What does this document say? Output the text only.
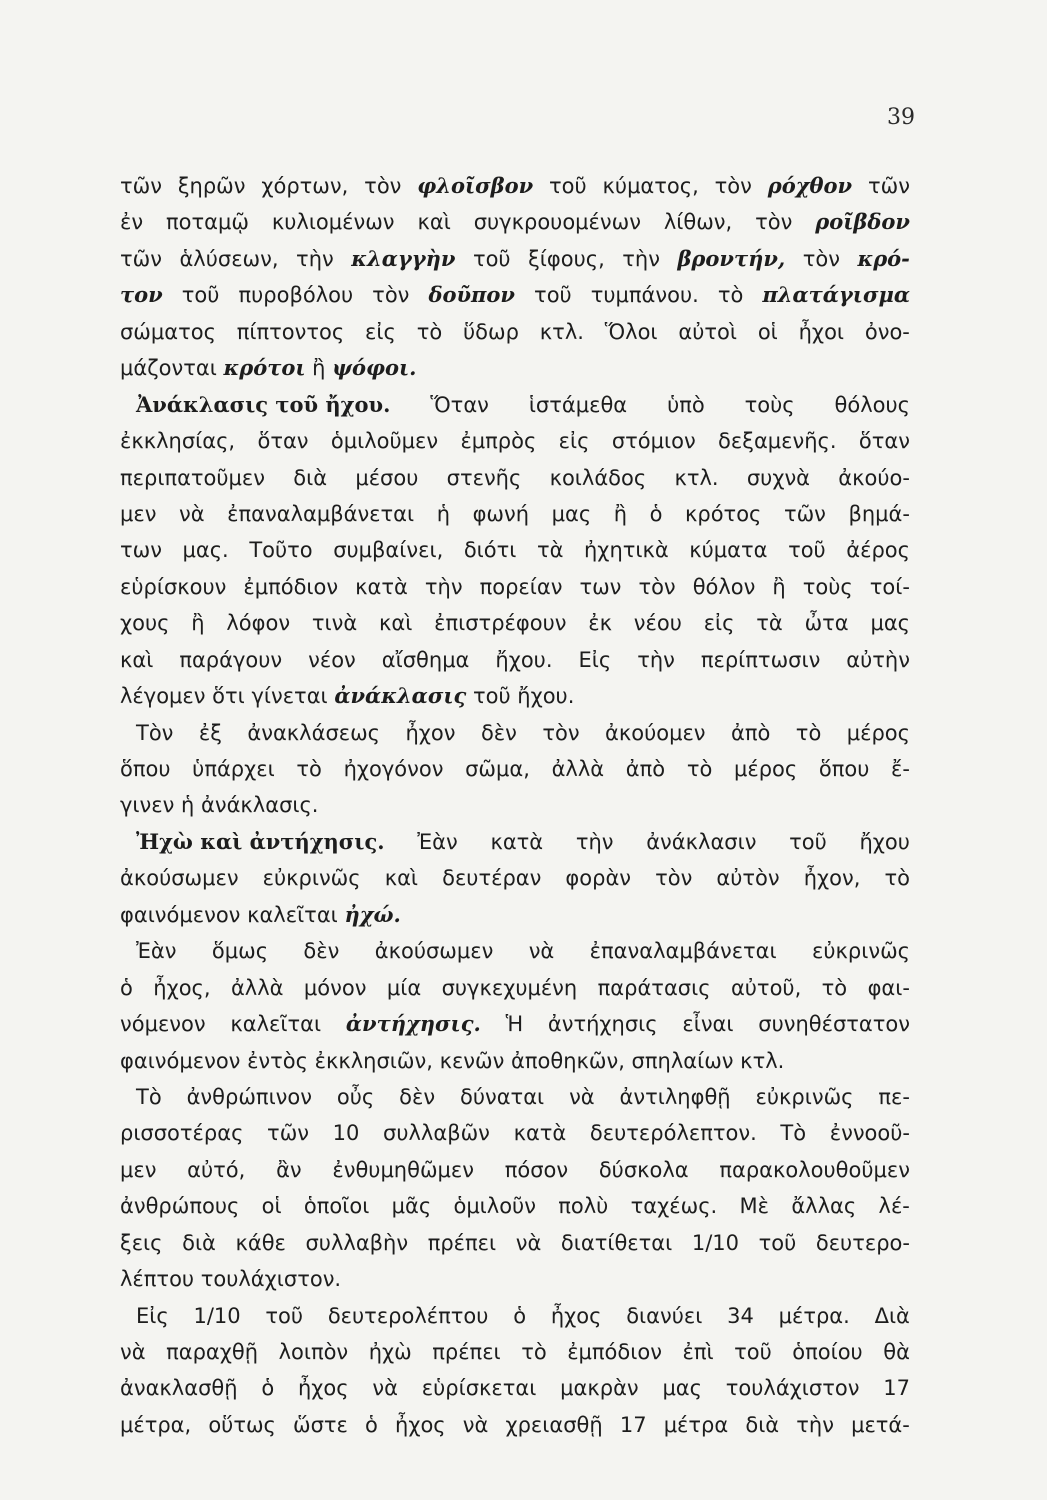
39
τῶν ξηρῶν χόρτων, τὸν φλοῖσβον τοῦ κύματος, τὸν ρόχθον τῶν
ἐν ποταμῷ κυλιομένων καὶ συγκρουομένων λίθων, τὸν ροῖβδον
τῶν ἁλύσεων, τὴν κλαγγὴν τοῦ ξίφους, τὴν βροντήν, τὸν κρό-
τον τοῦ πυροβόλου τὸν δοῦπον τοῦ τυμπάνου. τὸ πλατάγισμα
σώματος πίπτοντος εἰς τὸ ὕδωρ κτλ. Ὅλοι αὐτοὶ οἱ ἦχοι ὀνο-
μάζονται κρότοι ἢ ψόφοι.
Ἀνάκλασις τοῦ ἤχου. Ὅταν ἱστάμεθα ὑπὸ τοὺς θόλους
ἐκκλησίας, ὅταν ὁμιλοῦμεν ἐμπρὸς εἰς στόμιον δεξαμενῆς. ὅταν
περιπατοῦμεν διὰ μέσου στενῆς κοιλάδος κτλ. συχνὰ ἀκούο-
μεν νὰ ἐπαναλαμβάνεται ἡ φωνή μας ἢ ὁ κρότος τῶν βημά-
των μας. Τοῦτο συμβαίνει, διότι τὰ ἠχητικὰ κύματα τοῦ ἀέρος
εὑρίσκουν ἐμπόδιον κατὰ τὴν πορείαν των τὸν θόλον ἢ τοὺς τοί-
χους ἢ λόφον τινὰ καὶ ἐπιστρέφουν ἐκ νέου εἰς τὰ ὦτα μας
καὶ παράγουν νέον αἴσθημα ἤχου. Εἰς τὴν περίπτωσιν αὐτὴν
λέγομεν ὅτι γίνεται ἀνάκλασις τοῦ ἤχου.
Τὸν ἐξ ἀνακλάσεως ἦχον δὲν τὸν ἀκούομεν ἀπὸ τὸ μέρος
ὅπου ὑπάρχει τὸ ἠχογόνον σῶμα, ἀλλὰ ἀπὸ τὸ μέρος ὅπου ἔ-
γινεν ἡ ἀνάκλασις.
Ἠχὼ καὶ ἀντήχησις. Ἐὰν κατὰ τὴν ἀνάκλασιν τοῦ ἤχου
ἀκούσωμεν εὐκρινῶς καὶ δευτέραν φορὰν τὸν αὐτὸν ἦχον, τὸ
φαινόμενον καλεῖται ἠχώ.
Ἐὰν ὅμως δὲν ἀκούσωμεν νὰ ἐπαναλαμβάνεται εὐκρινῶς
ὁ ἦχος, ἀλλὰ μόνον μία συγκεχυμένη παράτασις αὐτοῦ, τὸ φαι-
νόμενον καλεῖται ἀντήχησις. Ἡ ἀντήχησις εἶναι συνηθέστατον
φαινόμενον ἐντὸς ἐκκλησιῶν, κενῶν ἀποθηκῶν, σπηλαίων κτλ.
Τὸ ἀνθρώπινον οὖς δὲν δύναται νὰ ἀντιληφθῇ εὐκρινῶς πε-
ρισσοτέρας τῶν 10 συλλαβῶν κατὰ δευτερόλεπτον. Τὸ ἐννοοῦ-
μεν αὐτό, ἂν ἐνθυμηθῶμεν πόσον δύσκολα παρακολουθοῦμεν
ἀνθρώπους οἱ ὁποῖοι μᾶς ὁμιλοῦν πολὺ ταχέως. Μὲ ἄλλας λέ-
ξεις διὰ κάθε συλλαβὴν πρέπει νὰ διατίθεται 1/10 τοῦ δευτερο-
λέπτου τουλάχιστον.
Εἰς 1/10 τοῦ δευτερολέπτου ὁ ἦχος διανύει 34 μέτρα. Διὰ
νὰ παραχθῇ λοιπὸν ἠχὼ πρέπει τὸ ἐμπόδιον ἐπὶ τοῦ ὁποίου θὰ
ἀνακλασθῇ ὁ ἦχος νὰ εὑρίσκεται μακρὰν μας τουλάχιστον 17
μέτρα, οὕτως ὥστε ὁ ἦχος νὰ χρειασθῇ 17 μέτρα διὰ τὴν μετά-
